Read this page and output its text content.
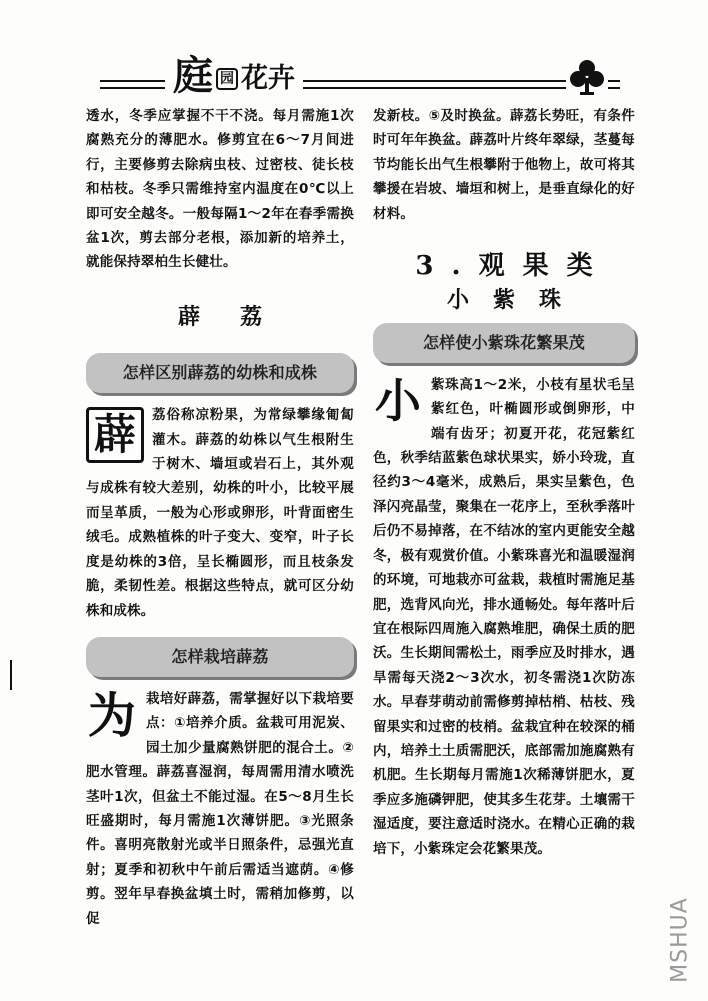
庭 园 花卉

透水，冬季应掌握不干不浇。每月需施1次腐熟充分的薄肥水。修剪宜在6～7月间进行，主要修剪去除病虫枝、过密枝、徒长枝和枯枝。冬季只需维持室内温度在0℃以上即可安全越冬。一般每隔1～2年在春季需换盆1次，剪去部分老根，添加新的培养土，就能保持翠柏生长健壮。

薜荔
怎样区别薜荔的幼株和成株

薜	荔俗称凉粉果，为常绿攀缘匍匐灌木。薜荔的幼株以气生根附生于树木、墙垣或岩石上，其外观与成株有较大差别，幼株的叶小，比较平展而呈革质，一般为心形或卵形，叶背面密生绒毛。成熟植株的叶子变大、变窄，叶子长度是幼株的3倍，呈长椭圆形，而且枝条发脆，柔韧性差。根据这些特点，就可区分幼株和成株。

怎样栽培薜荔

为栽培好薜荔，需掌握好以下栽培要点：①培养介质。盆栽可用泥炭、园土加少量腐熟饼肥的混合土。②肥水管理。薜荔喜湿润，每周需用清水喷洗茎叶1次，但盆土不能过湿。在5～8月生长旺盛期时，每月需施1次薄饼肥。③光照条件。喜明亮散射光或半日照条件，忌强光直射；夏季和初秋中午前后需适当遮荫。④修剪。翌年早春换盆填土时，需稍加修剪，以促

发新枝。⑤及时换盆。薜荔长势旺，有条件时可年年换盆。薜荔叶片终年翠绿，茎蔓每节均能长出气生根攀附于他物上，故可将其攀援在岩坡、墙垣和树上，是垂直绿化的好材料。

3.观果类
小紫珠
怎样使小紫珠花繁果茂

小紫珠高1～2米，小枝有星状毛呈紫红色，叶椭圆形或倒卵形，中端有齿牙；初夏开花，花冠紫红色，秋季结蓝紫色球状果实，娇小玲珑，直径约3～4毫米，成熟后，果实呈紫色，色泽闪亮晶莹，聚集在一花序上，至秋季落叶后仍不易掉落，在不结冰的室内更能安全越冬，极有观赏价值。小紫珠喜光和温暖湿润的环境，可地栽亦可盆栽，栽植时需施足基肥，选背风向光，排水通畅处。每年落叶后宜在根际四周施入腐熟堆肥，确保土质的肥沃。生长期间需松土，雨季应及时排水，遇旱需每天浇2～3次水，初冬需浇1次防冻水。早春芽萌动前需修剪掉枯梢、枯枝、残留果实和过密的枝梢。盆栽宜种在较深的桶内，培养土土质需肥沃，底部需加施腐熟有机肥。生长期每月需施1次稀薄饼肥水，夏季应多施磷钾肥，使其多生花芽。土壤需干湿适度，要注意适时浇水。在精心正确的栽培下，小紫珠定会花繁果茂。

MSHUA
